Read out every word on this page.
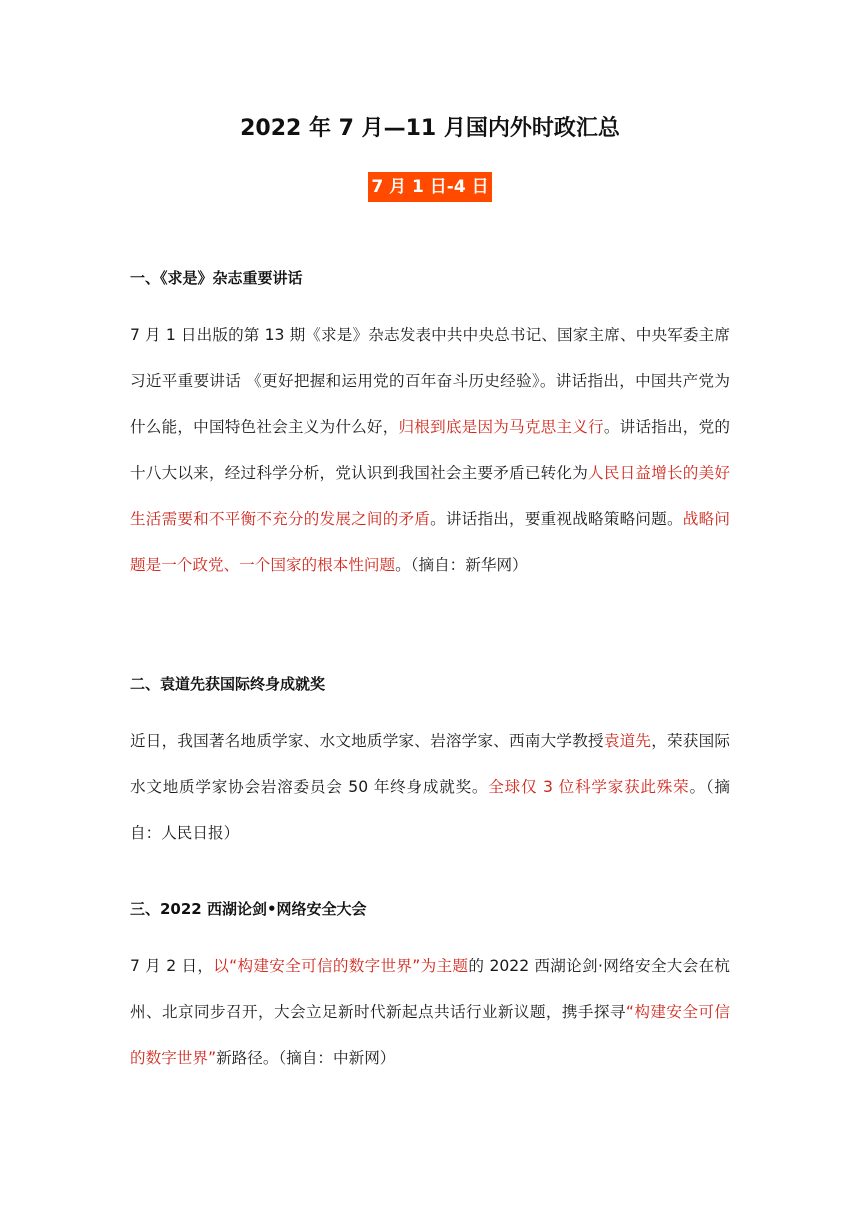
2022 年 7 月—11 月国内外时政汇总
7 月 1 日-4 日
一、《求是》杂志重要讲话

7 月 1 日出版的第 13 期《求是》杂志发表中共中央总书记、国家主席、中央军委主席习近平重要讲话 《更好把握和运用党的百年奋斗历史经验》。讲话指出，中国共产党为什么能，中国特色社会主义为什么好，归根到底是因为马克思主义行。讲话指出，党的十八大以来，经过科学分析，党认识到我国社会主要矛盾已转化为人民日益增长的美好生活需要和不平衡不充分的发展之间的矛盾。讲话指出，要重视战略策略问题。战略问题是一个政党、一个国家的根本性问题。（摘自：新华网）

二、袁道先获国际终身成就奖

近日，我国著名地质学家、水文地质学家、岩溶学家、西南大学教授袁道先，荣获国际水文地质学家协会岩溶委员会 50 年终身成就奖。全球仅 3 位科学家获此殊荣。（摘自：人民日报）

三、2022 西湖论剑•网络安全大会

7 月 2 日，以“构建安全可信的数字世界”为主题的 2022 西湖论剑·网络安全大会在杭州、北京同步召开，大会立足新时代新起点共话行业新议题，携手探寻“构建安全可信的数字世界”新路径。（摘自：中新网）
